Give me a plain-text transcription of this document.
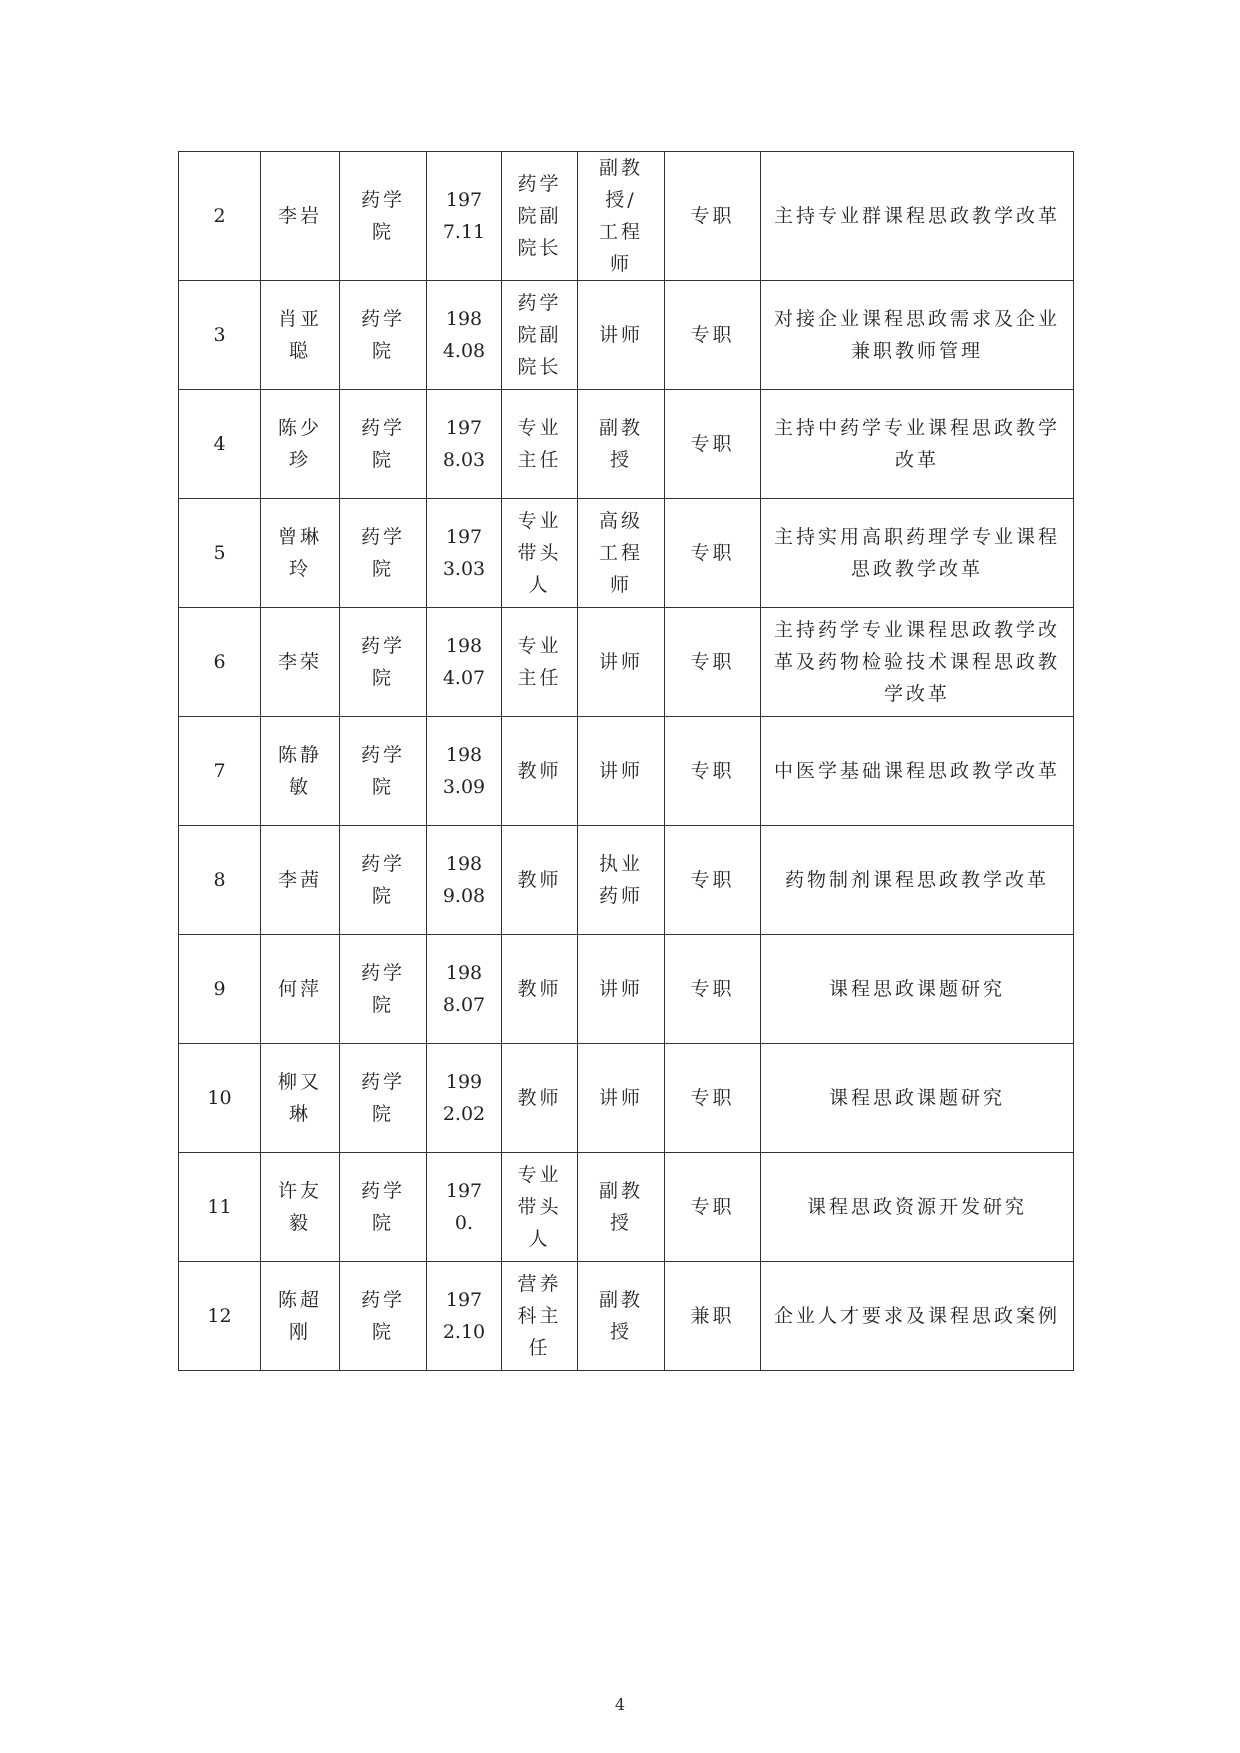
2	李岩	药学院	1977.11	药学院副院长	副教授/工程师	专职	主持专业群课程思政教学改革

3	肖亚聪	药学院	1984.08	药学院副院长	讲师	专职	对接企业课程思政需求及企业兼职教师管理

4	陈少珍	药学院	1978.03	专业主任	副教授	专职	主持中药学专业课程思政教学改革

5	曾琳玲	药学院	1973.03	专业带头人	高级工程师	专职	主持实用高职药理学专业课程思政教学改革

6	李荣	药学院	1984.07	专业主任	讲师	专职	主持药学专业课程思政教学改革及药物检验技术课程思政教学改革

7	陈静敏	药学院	1983.09	教师	讲师	专职	中医学基础课程思政教学改革

8	李茜	药学院	1989.08	教师	执业药师	专职	药物制剂课程思政教学改革

9	何萍	药学院	1988.07	教师	讲师	专职	课程思政课题研究

10	柳又琳	药学院	1992.02	教师	讲师	专职	课程思政课题研究

11	许友毅	药学院	1970.	专业带头人	副教授	专职	课程思政资源开发研究

12	陈超刚	药学院	1972.10	营养科主任	副教授	兼职	企业人才要求及课程思政案例
4
